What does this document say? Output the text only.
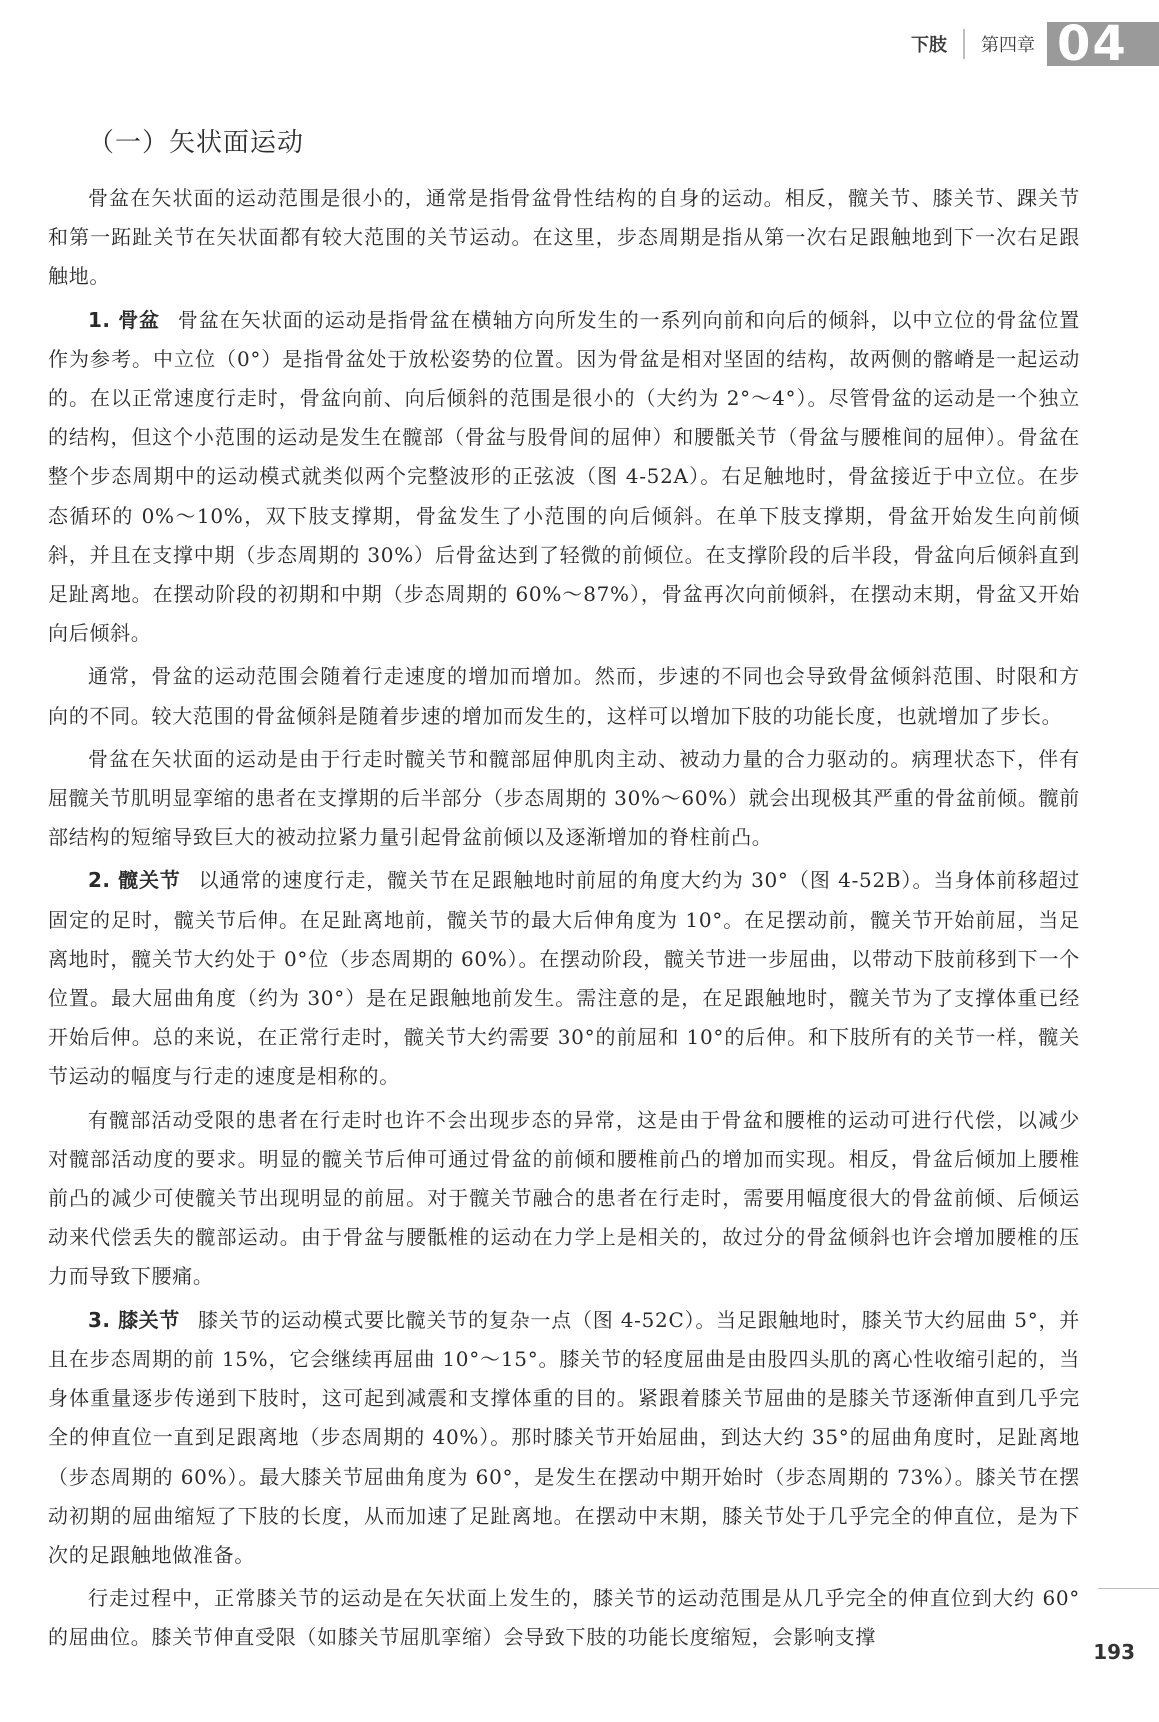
下肢 第四章 04
（一）矢状面运动

骨盆在矢状面的运动范围是很小的，通常是指骨盆骨性结构的自身的运动。相反，髋关节、膝关节、踝关节和第一跖趾关节在矢状面都有较大范围的关节运动。在这里，步态周期是指从第一次右足跟触地到下一次右足跟触地。

1. 骨盆 骨盆在矢状面的运动是指骨盆在横轴方向所发生的一系列向前和向后的倾斜，以中立位的骨盆位置作为参考。中立位（0°）是指骨盆处于放松姿势的位置。因为骨盆是相对坚固的结构，故两侧的髂嵴是一起运动的。在以正常速度行走时，骨盆向前、向后倾斜的范围是很小的（大约为 2°～4°）。尽管骨盆的运动是一个独立的结构，但这个小范围的运动是发生在髋部（骨盆与股骨间的屈伸）和腰骶关节（骨盆与腰椎间的屈伸）。骨盆在整个步态周期中的运动模式就类似两个完整波形的正弦波（图 4-52A）。右足触地时，骨盆接近于中立位。在步态循环的 0%～10%，双下肢支撑期，骨盆发生了小范围的向后倾斜。在单下肢支撑期，骨盆开始发生向前倾斜，并且在支撑中期（步态周期的 30%）后骨盆达到了轻微的前倾位。在支撑阶段的后半段，骨盆向后倾斜直到足趾离地。在摆动阶段的初期和中期（步态周期的 60%～87%），骨盆再次向前倾斜，在摆动末期，骨盆又开始向后倾斜。

通常，骨盆的运动范围会随着行走速度的增加而增加。然而，步速的不同也会导致骨盆倾斜范围、时限和方向的不同。较大范围的骨盆倾斜是随着步速的增加而发生的，这样可以增加下肢的功能长度，也就增加了步长。

骨盆在矢状面的运动是由于行走时髋关节和髋部屈伸肌肉主动、被动力量的合力驱动的。病理状态下，伴有屈髋关节肌明显挛缩的患者在支撑期的后半部分（步态周期的 30%～60%）就会出现极其严重的骨盆前倾。髋前部结构的短缩导致巨大的被动拉紧力量引起骨盆前倾以及逐渐增加的脊柱前凸。

2. 髋关节 以通常的速度行走，髋关节在足跟触地时前屈的角度大约为 30°（图 4-52B）。当身体前移超过固定的足时，髋关节后伸。在足趾离地前，髋关节的最大后伸角度为 10°。在足摆动前，髋关节开始前屈，当足离地时，髋关节大约处于 0°位（步态周期的 60%）。在摆动阶段，髋关节进一步屈曲，以带动下肢前移到下一个位置。最大屈曲角度（约为 30°）是在足跟触地前发生。需注意的是，在足跟触地时，髋关节为了支撑体重已经开始后伸。总的来说，在正常行走时，髋关节大约需要 30°的前屈和 10°的后伸。和下肢所有的关节一样，髋关节运动的幅度与行走的速度是相称的。

有髋部活动受限的患者在行走时也许不会出现步态的异常，这是由于骨盆和腰椎的运动可进行代偿，以减少对髋部活动度的要求。明显的髋关节后伸可通过骨盆的前倾和腰椎前凸的增加而实现。相反，骨盆后倾加上腰椎前凸的减少可使髋关节出现明显的前屈。对于髋关节融合的患者在行走时，需要用幅度很大的骨盆前倾、后倾运动来代偿丢失的髋部运动。由于骨盆与腰骶椎的运动在力学上是相关的，故过分的骨盆倾斜也许会增加腰椎的压力而导致下腰痛。

3. 膝关节 膝关节的运动模式要比髋关节的复杂一点（图 4-52C）。当足跟触地时，膝关节大约屈曲 5°，并且在步态周期的前 15%，它会继续再屈曲 10°～15°。膝关节的轻度屈曲是由股四头肌的离心性收缩引起的，当身体重量逐步传递到下肢时，这可起到减震和支撑体重的目的。紧跟着膝关节屈曲的是膝关节逐渐伸直到几乎完全的伸直位一直到足跟离地（步态周期的 40%）。那时膝关节开始屈曲，到达大约 35°的屈曲角度时，足趾离地（步态周期的 60%）。最大膝关节屈曲角度为 60°，是发生在摆动中期开始时（步态周期的 73%）。膝关节在摆动初期的屈曲缩短了下肢的长度，从而加速了足趾离地。在摆动中末期，膝关节处于几乎完全的伸直位，是为下次的足跟触地做准备。

行走过程中，正常膝关节的运动是在矢状面上发生的，膝关节的运动范围是从几乎完全的伸直位到大约 60°的屈曲位。膝关节伸直受限（如膝关节屈肌挛缩）会导致下肢的功能长度缩短，会影响支撑

193
